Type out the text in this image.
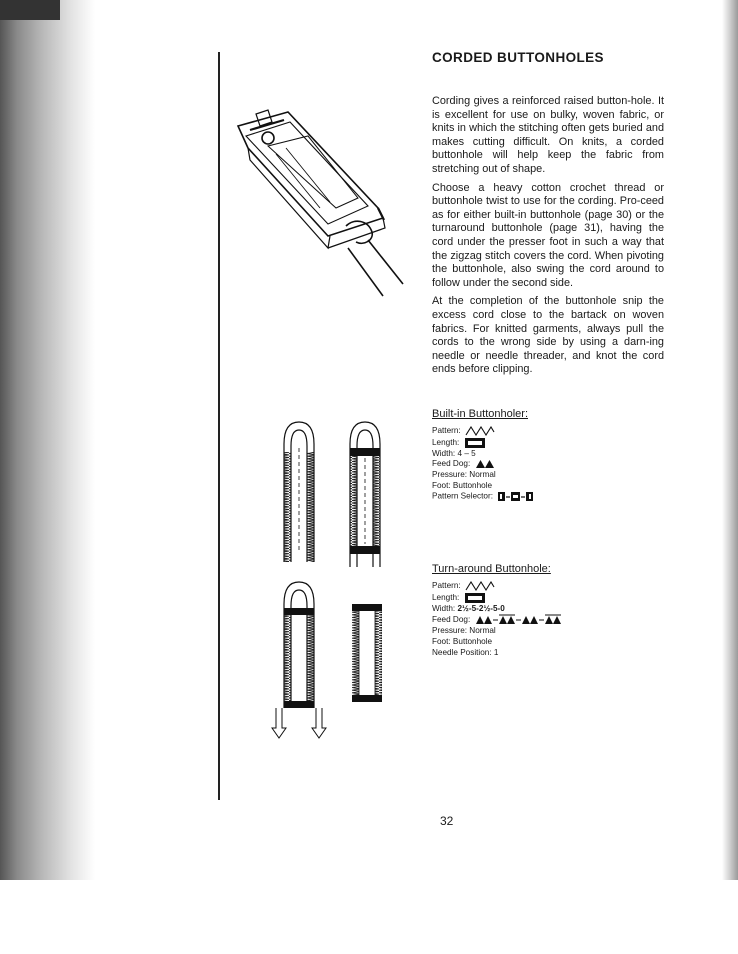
CORDED BUTTONHOLES

Cording gives a reinforced raised button-hole. It is excellent for use on bulky, woven fabric, or knits in which the stitching often gets buried and makes cutting difficult. On knits, a corded buttonhole will help keep the fabric from stretching out of shape.

Choose a heavy cotton crochet thread or buttonhole twist to use for the cording. Pro-ceed as for either built-in buttonhole (page 30) or the turnaround buttonhole (page 31), having the cord under the presser foot in such a way that the zigzag stitch covers the cord. When pivoting the buttonhole, also swing the cord around to follow under the second side.

At the completion of the buttonhole snip the excess cord close to the bartack on woven fabrics. For knitted garments, always pull the cords to the wrong side by using a darn-ing needle or needle threader, and knot the cord ends before clipping.

Built-in Buttonholer:
Pattern:
Length:
Width: 4 – 5
Feed Dog:
Pressure: Normal
Foot: Buttonhole
Pattern Selector:
Turn-around Buttonhole:
Pattern:
Length:
Width: 2½-5-2½-5-0
Feed Dog:
Pressure: Normal
Foot: Buttonhole
Needle Position: 1
32
